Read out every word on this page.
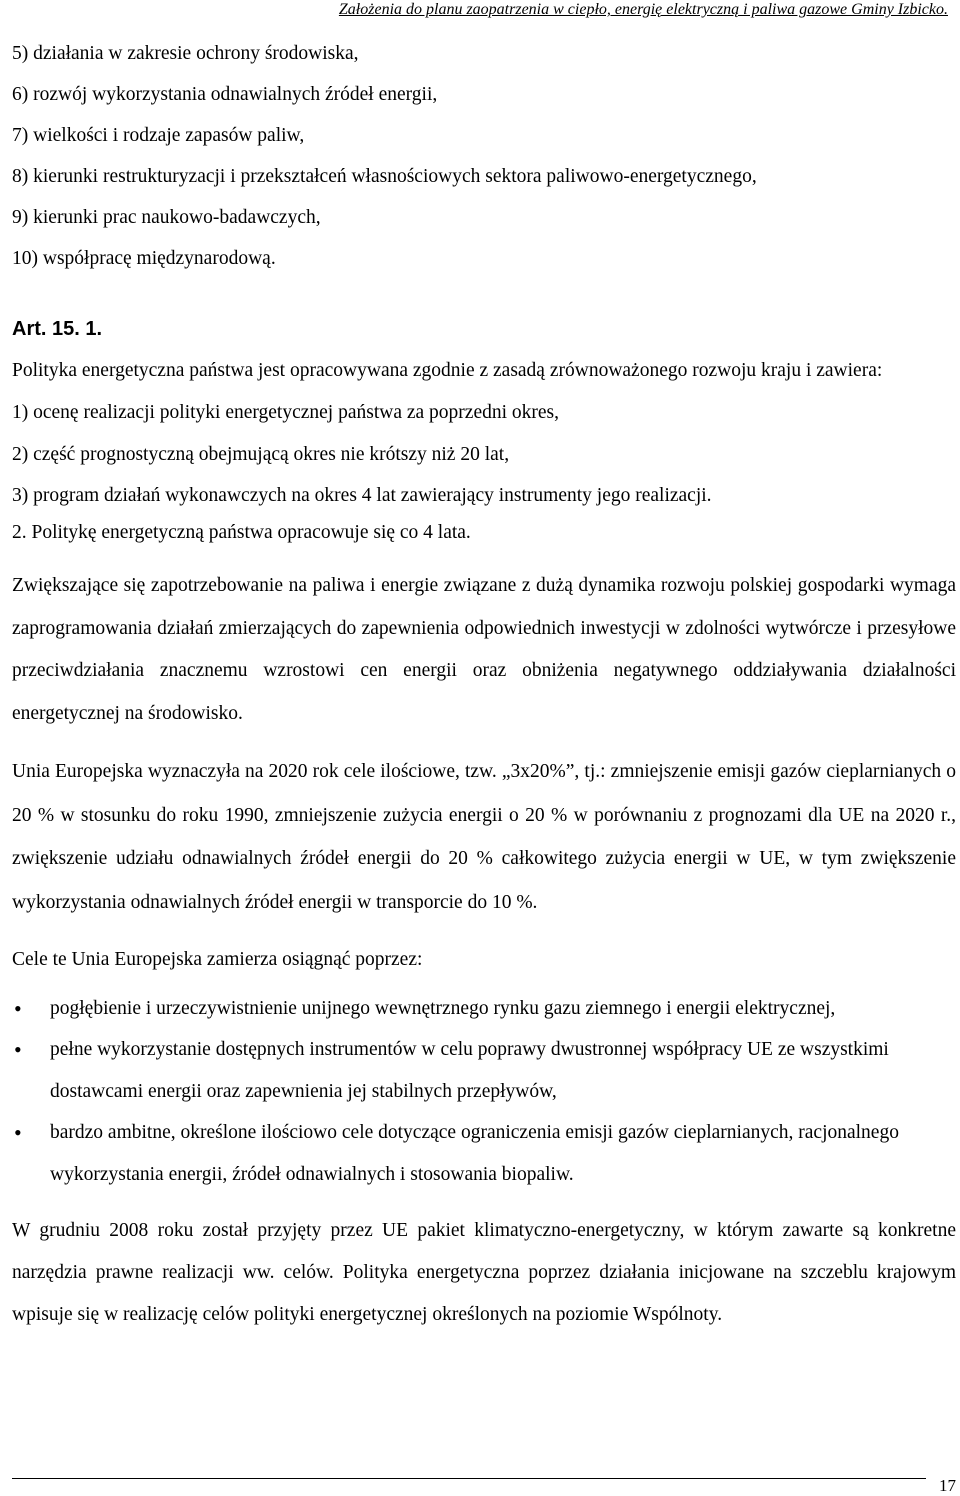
Założenia do planu zaopatrzenia w ciepło, energię elektryczną i paliwa gazowe Gminy Izbicko.
5) działania w zakresie ochrony środowiska,
6) rozwój wykorzystania odnawialnych źródeł energii,
7) wielkości i rodzaje zapasów paliw,
8) kierunki restrukturyzacji i przekształceń własnościowych sektora paliwowo-energetycznego,
9) kierunki prac naukowo-badawczych,
10) współpracę międzynarodową.
Art. 15. 1.
Polityka energetyczna państwa jest opracowywana zgodnie z zasadą zrównoważonego rozwoju kraju i zawiera:
1) ocenę realizacji polityki energetycznej państwa za poprzedni okres,
2) część prognostyczną obejmującą okres nie krótszy niż 20 lat,
3) program działań wykonawczych na okres 4 lat zawierający instrumenty jego realizacji.
2. Politykę energetyczną państwa opracowuje się co 4 lata.
Zwiększające się zapotrzebowanie na paliwa i energie związane z dużą dynamika rozwoju polskiej gospodarki wymaga zaprogramowania działań zmierzających do zapewnienia odpowiednich inwestycji w zdolności wytwórcze i przesyłowe przeciwdziałania znacznemu wzrostowi cen energii oraz obniżenia negatywnego oddziaływania działalności energetycznej na środowisko.
Unia Europejska wyznaczyła na 2020 rok cele ilościowe, tzw. „3x20%”, tj.: zmniejszenie emisji gazów cieplarnianych o 20 % w stosunku do roku 1990, zmniejszenie zużycia energii o 20 % w porównaniu z prognozami dla UE na 2020 r., zwiększenie udziału odnawialnych źródeł energii do 20 % całkowitego zużycia energii w UE, w tym zwiększenie wykorzystania odnawialnych źródeł energii w transporcie do 10 %.
Cele te Unia Europejska zamierza osiągnąć poprzez:
• pogłębienie i urzeczywistnienie unijnego wewnętrznego rynku gazu ziemnego i energii elektrycznej,
• pełne wykorzystanie dostępnych instrumentów w celu poprawy dwustronnej współpracy UE ze wszystkimi dostawcami energii oraz zapewnienia jej stabilnych przepływów,
• bardzo ambitne, określone ilościowo cele dotyczące ograniczenia emisji gazów cieplarnianych, racjonalnego wykorzystania energii, źródeł odnawialnych i stosowania biopaliw.
W grudniu 2008 roku został przyjęty przez UE pakiet klimatyczno-energetyczny, w którym zawarte są konkretne narzędzia prawne realizacji ww. celów. Polityka energetyczna poprzez działania inicjowane na szczeblu krajowym wpisuje się w realizację celów polityki energetycznej określonych na poziomie Wspólnoty.
17
